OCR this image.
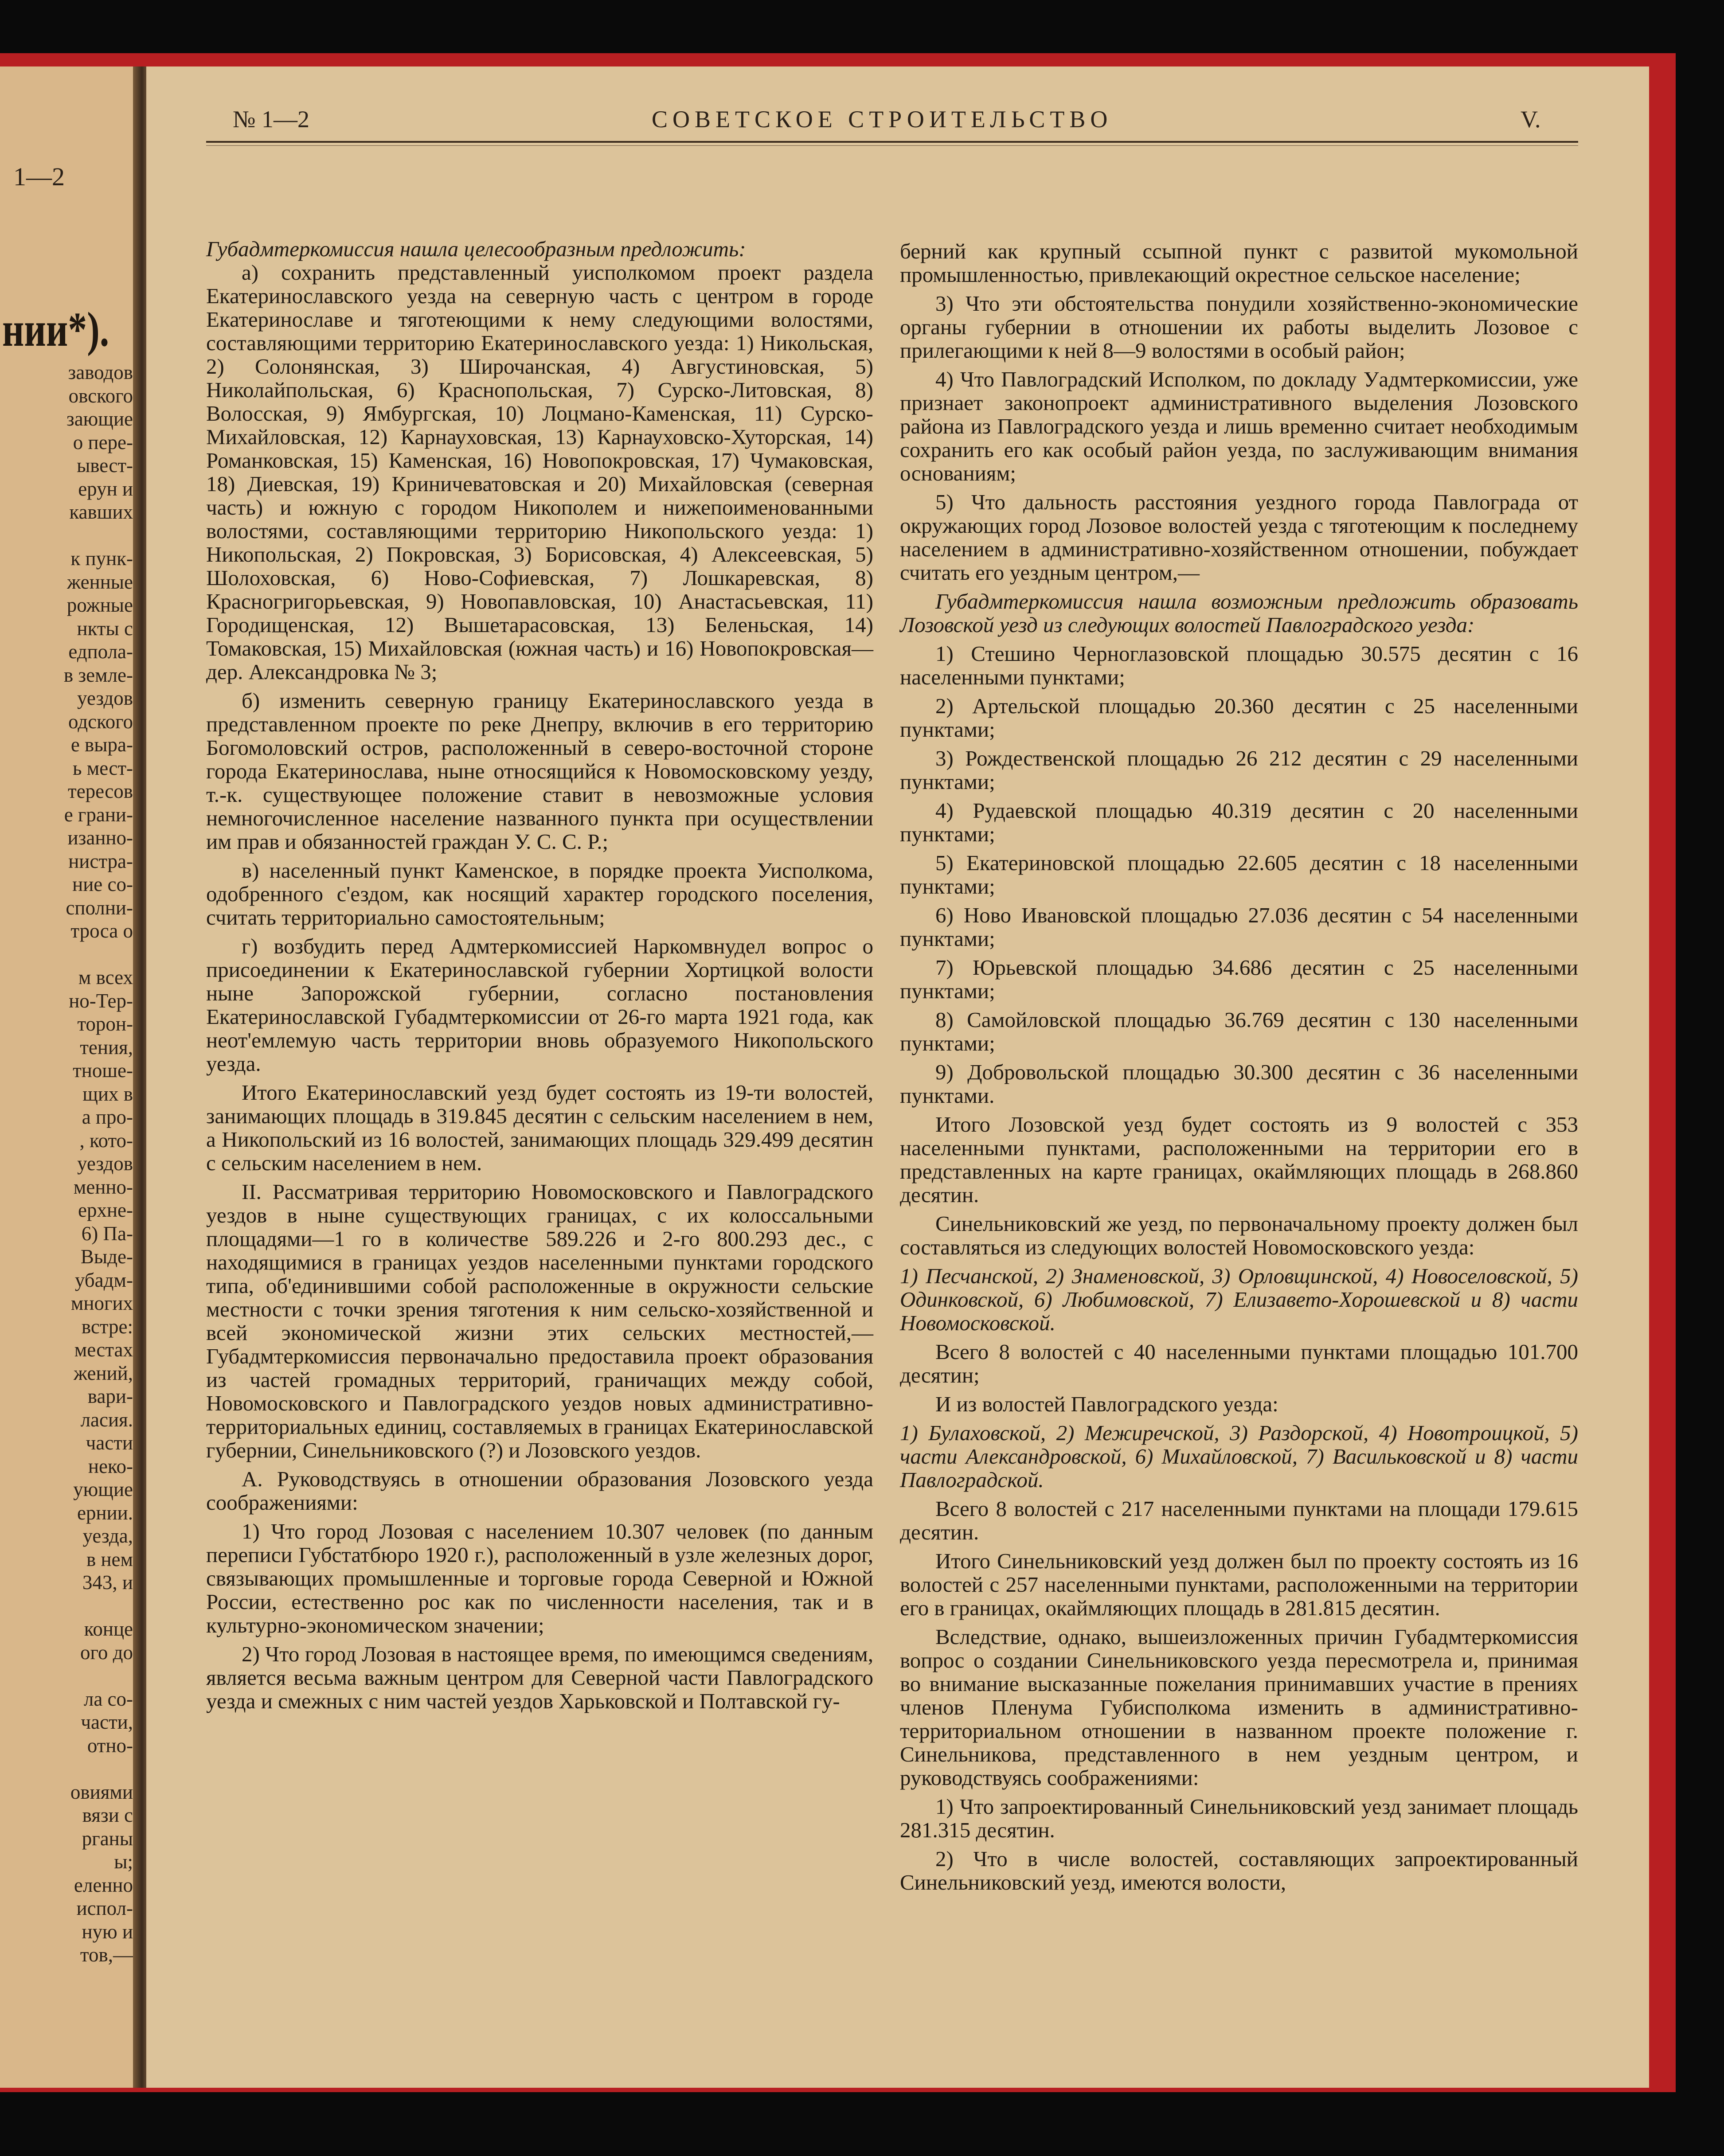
1—2
нии*).
заводов
овского
зающие
о пере-
ывест-
ерун и
кавших
к пунк-
женные
рожные
нкты с
едпола-
в земле-
уездов
одского
е выра-
ь мест-
тересов
е грани-
изанно-
нистра-
ние со-
сполни-
троса о
м всех
но-Тер-
торон-
тения,
тноше-
щих в
а про-
, кото-
уездов
менно-
ерхне-
6) Па-
Выде-
убадм-
многих
встре:
местах
жений,
вари-
ласия.
части
неко-
ующие
ернии.
уезда,
в нем
343, и
конце
ого до
ла со-
части,
отно-
овиями
вязи с
рганы
ы;
еленно
испол-
ную и
тов,—
№ 1—2	СОВЕТСКОЕ СТРОИТЕЛЬСТВО	V.

Губадмтеркомиссия нашла целесообразным предложить:

а) сохранить представленный уисполкомом проект раздела Екатеринославского уезда на северную часть с центром в городе Екатеринославе и тяготеющими к нему следующими волостями, составляющими территорию Екатеринославского уезда: 1) Никольская, 2) Солонянская, 3) Широчанская, 4) Августиновская, 5) Николайпольская, 6) Краснопольская, 7) Сурско-Литовская, 8) Волосская, 9) Ямбургская, 10) Лоцмано-Каменская, 11) Сурско-Михайловская, 12) Карнауховская, 13) Карнауховско-Хуторская, 14) Романковская, 15) Каменская, 16) Новопокровская, 17) Чумаковская, 18) Диевская, 19) Криничеватовская и 20) Михайловская (северная часть) и южную с городом Никополем и нижепоименованными волостями, составляющими территорию Никопольского уезда: 1) Никопольская, 2) Покровская, 3) Борисовская, 4) Алексеевская, 5) Шолоховская, 6) Ново-Софиевская, 7) Лошкаревская, 8) Красногригорьевская, 9) Новопавловская, 10) Анастасьевская, 11) Городищенская, 12) Вышетарасовская, 13) Беленьская, 14) Томаковская, 15) Михайловская (южная часть) и 16) Новопокровская—дер. Александровка № 3;

б) изменить северную границу Екатеринославского уезда в представленном проекте по реке Днепру, включив в его территорию Богомоловский остров, расположенный в северо-восточной стороне города Екатеринослава, ныне относящийся к Новомосковскому уезду, т.-к. существующее положение ставит в невозможные условия немногочисленное население названного пункта при осуществлении им прав и обязанностей граждан У. С. С. Р.;

в) населенный пункт Каменское, в порядке проекта Уисполкома, одобренного с'ездом, как носящий характер городского поселения, считать территориально самостоятельным;

г) возбудить перед Адмтеркомиссией Наркомвнудел вопрос о присоединении к Екатеринославской губернии Хортицкой волости ныне Запорожской губернии, согласно постановления Екатеринославской Губадмтеркомиссии от 26-го марта 1921 года, как неот'емлемую часть территории вновь образуемого Никопольского уезда.

Итого Екатеринославский уезд будет состоять из 19-ти волостей, занимающих площадь в 319.845 десятин с сельским населением в нем, а Никопольский из 16 волостей, занимающих площадь 329.499 десятин с сельским населением в нем.

II. Рассматривая территорию Новомосковского и Павлоградского уездов в ныне существующих границах, с их колоссальными площадями—1 го в количестве 589.226 и 2-го 800.293 дес., с находящимися в границах уездов населенными пунктами городского типа, об'единившими собой расположенные в окружности сельские местности с точки зрения тяготения к ним сельско-хозяйственной и всей экономической жизни этих сельских местностей,— Губадмтеркомиссия первоначально предоставила проект образования из частей громадных территорий, граничащих между собой, Новомосковского и Павлоградского уездов новых административно-территориальных единиц, составляемых в границах Екатеринославской губернии, Синельниковского (?) и Лозовского уездов.

А. Руководствуясь в отношении образования Лозовского уезда соображениями:

1) Что город Лозовая с населением 10.307 человек (по данным переписи Губстатбюро 1920 г.), расположенный в узле железных дорог, связывающих промышленные и торговые города Северной и Южной России, естественно рос как по численности населения, так и в культурно-экономическом значении;

2) Что город Лозовая в настоящее время, по имеющимся сведениям, является весьма важным центром для Северной части Павлоградского уезда и смежных с ним частей уездов Харьковской и Полтавской гу-

берний как крупный ссыпной пункт с развитой мукомольной промышленностью, привлекающий окрестное сельское население;

3) Что эти обстоятельства понудили хозяйственно-экономические органы губернии в отношении их работы выделить Лозовое с прилегающими к ней 8—9 волостями в особый район;

4) Что Павлоградский Исполком, по докладу Уадмтеркомиссии, уже признает законопроект административного выделения Лозовского района из Павлоградского уезда и лишь временно считает необходимым сохранить его как особый район уезда, по заслуживающим внимания основаниям;

5) Что дальность расстояния уездного города Павлограда от окружающих город Лозовое волостей уезда с тяготеющим к последнему населением в административно-хозяйственном отношении, побуждает считать его уездным центром,—

Губадмтеркомиссия нашла возможным предложить образовать Лозовской уезд из следующих волостей Павлоградского уезда:

1) Стешино Черноглазовской площадью 30.575 десятин с 16 населенными пунктами;

2) Артельской площадью 20.360 десятин с 25 населенными пунктами;

3) Рождественской площадью 26 212 десятин с 29 населенными пунктами;

4) Рудаевской площадью 40.319 десятин с 20 населенными пунктами;

5) Екатериновской площадью 22.605 десятин с 18 населенными пунктами;

6) Ново Ивановской площадью 27.036 десятин с 54 населенными пунктами;

7) Юрьевской площадью 34.686 десятин с 25 населенными пунктами;

8) Самойловской площадью 36.769 десятин с 130 населенными пунктами;

9) Добровольской площадью 30.300 десятин с 36 населенными пунктами.

Итого Лозовской уезд будет состоять из 9 волостей с 353 населенными пунктами, расположенными на территории его в представленных на карте границах, окаймляющих площадь в 268.860 десятин.

Синельниковский же уезд, по первоначальному проекту должен был составляться из следующих волостей Новомосковского уезда:

1) Песчанской, 2) Знаменовской, 3) Орловщинской, 4) Новоселовской, 5) Одинковской, 6) Любимовской, 7) Елизавето-Хорошевской и 8) части Новомосковской.

Всего 8 волостей с 40 населенными пунктами площадью 101.700 десятин;

И из волостей Павлоградского уезда:

1) Булаховской, 2) Межиречской, 3) Раздорской, 4) Новотроицкой, 5) части Александровской, 6) Михайловской, 7) Васильковской и 8) части Павлоградской.

Всего 8 волостей с 217 населенными пунктами на площади 179.615 десятин.

Итого Синельниковский уезд должен был по проекту состоять из 16 волостей с 257 населенными пунктами, расположенными на территории его в границах, окаймляющих площадь в 281.815 десятин.

Вследствие, однако, вышеизложенных причин Губадмтеркомиссия вопрос о создании Синельниковского уезда пересмотрела и, принимая во внимание высказанные пожелания принимавших участие в прениях членов Пленума Губисполкома изменить в административно-территориальном отношении в названном проекте положение г. Синельникова, представленного в нем уездным центром, и руководствуясь соображениями:

1) Что запроектированный Синельниковский уезд занимает площадь 281.315 десятин.

2) Что в числе волостей, составляющих запроектированный Синельниковский уезд, имеются волости,
